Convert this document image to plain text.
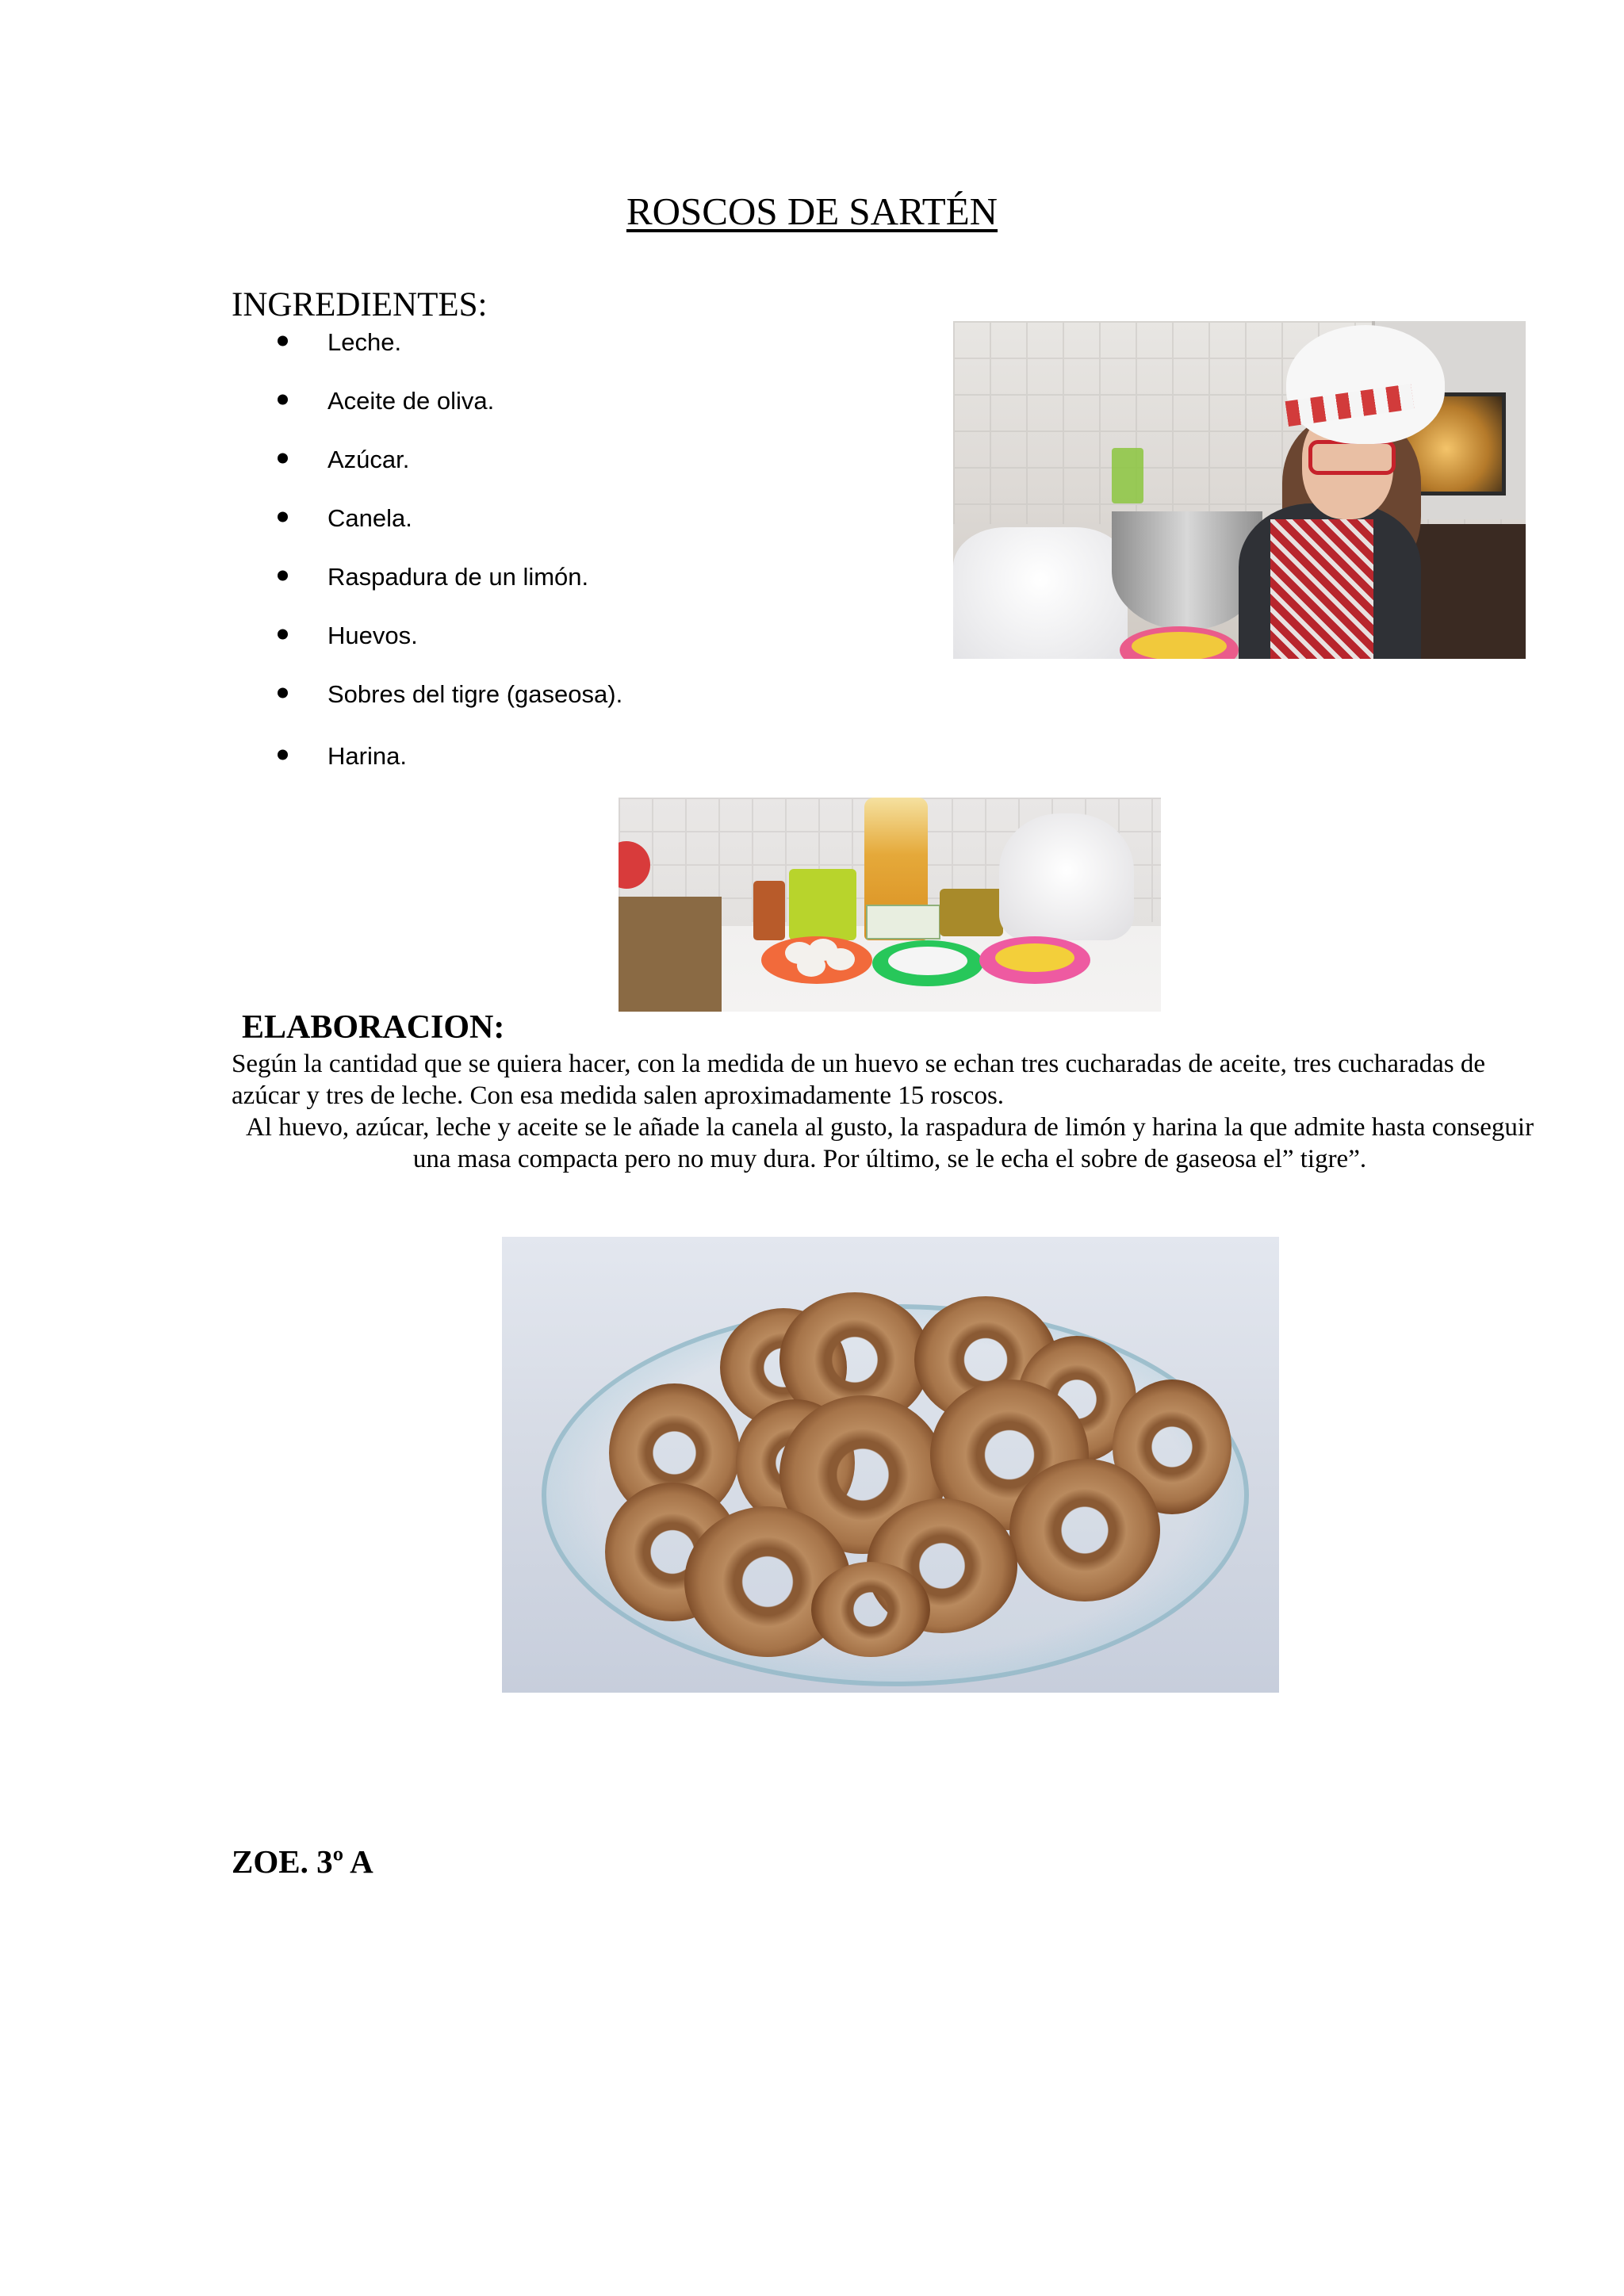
ROSCOS DE SARTÉN
INGREDIENTES:
Leche.
Aceite de oliva.
Azúcar.
Canela.
Raspadura de un limón.
Huevos.
Sobres del tigre (gaseosa).
Harina.
ELABORACION:
Según la cantidad que se quiera hacer, con la medida de un huevo se echan tres cucharadas de aceite, tres cucharadas de azúcar y tres de leche. Con esa medida salen aproximadamente 15 roscos.
Al huevo, azúcar, leche y aceite se le añade la canela al gusto, la raspadura de limón y harina la que admite hasta conseguir una masa compacta pero no muy dura. Por último, se le echa el sobre de gaseosa el” tigre”.
ZOE. 3º A
